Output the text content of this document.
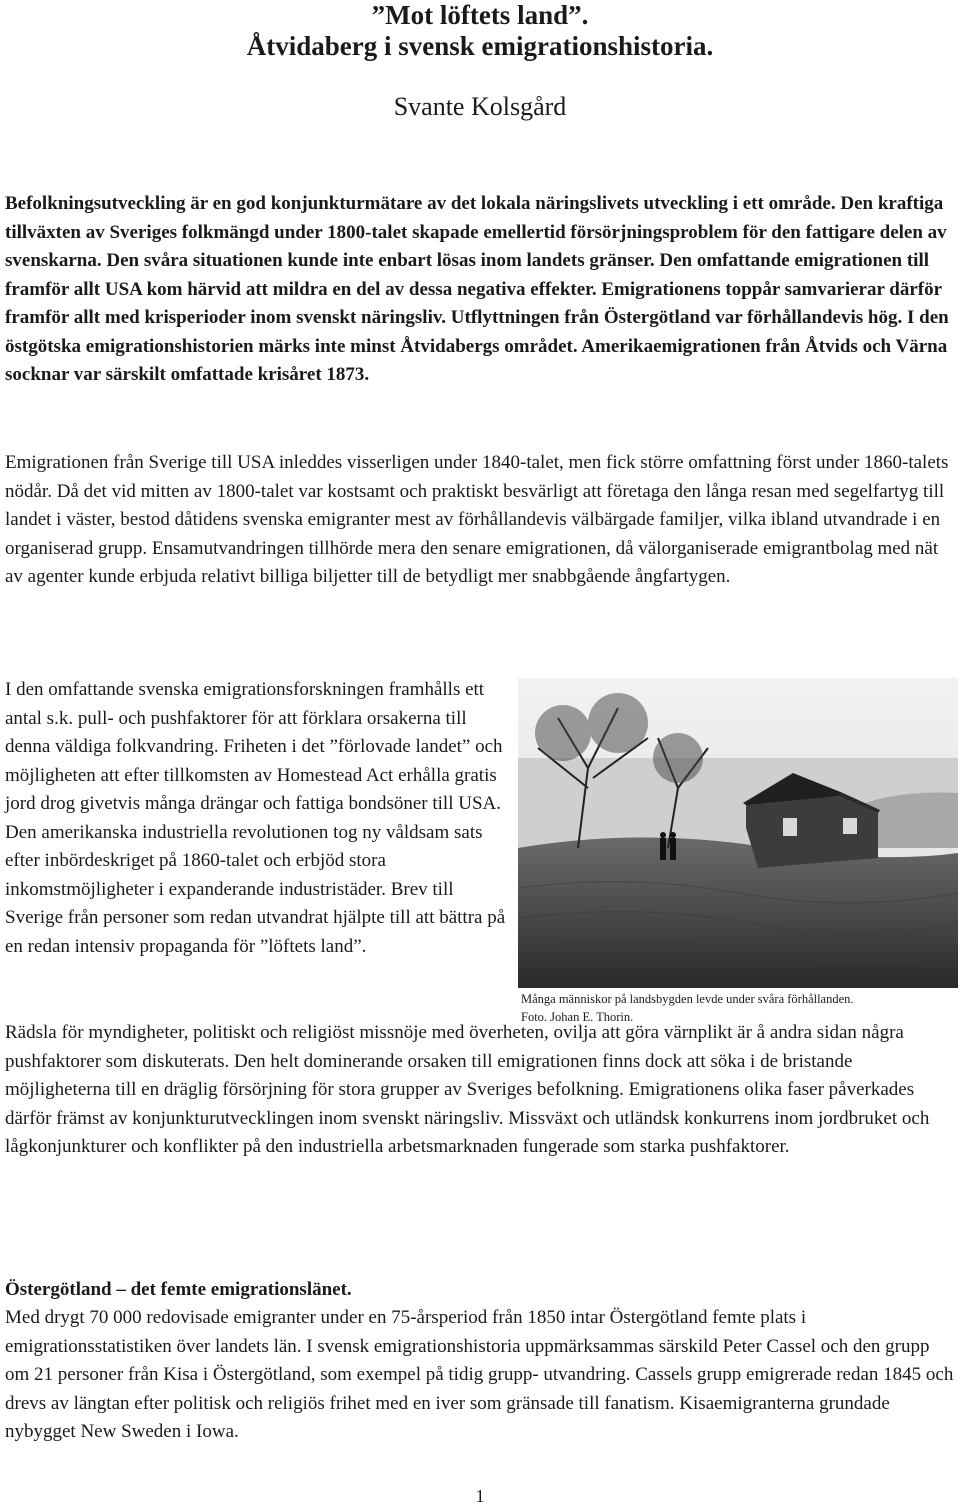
”Mot löftets land”.
Åtvidaberg i svensk emigrationshistoria.
Svante Kolsgård

Befolkningsutveckling är en god konjunkturmätare av det lokala näringslivets utveckling i ett område. Den kraftiga tillväxten av Sveriges folkmängd under 1800-talet skapade emellertid försörjningsproblem för den fattigare delen av svenskarna. Den svåra situationen kunde inte enbart lösas inom landets gränser. Den omfattande emigrationen till framför allt USA kom härvid att mildra en del av dessa negativa effekter. Emigrationens toppår samvarierar därför framför allt med krisperioder inom svenskt näringsliv. Utflyttningen från Östergötland var förhållandevis hög. I den östgötska emigrationshistorien märks inte minst Åtvidabergs området. Amerikaemigrationen från Åtvids och Värna socknar var särskilt omfattade krisåret 1873.

Emigrationen från Sverige till USA inleddes visserligen under 1840-talet, men fick större omfattning först under 1860-talets nödår. Då det vid mitten av 1800-talet var kostsamt och praktiskt besvärligt att företaga den långa resan med segelfartyg till landet i väster, bestod dåtidens svenska emigranter mest av förhållandevis välbärgade familjer, vilka ibland utvandrade i en organiserad grupp. Ensamutvandringen tillhörde mera den senare emigrationen, då välorganiserade emigrantbolag med nät av agenter kunde erbjuda relativt billiga biljetter till de betydligt mer snabbgående ångfartygen.

I den omfattande svenska emigrationsforskningen framhålls ett antal s.k. pull- och pushfaktorer för att förklara orsakerna till denna väldiga folkvandring. Friheten i det ”förlovade landet” och möjligheten att efter tillkomsten av Homestead Act erhålla gratis jord drog givetvis många drängar och fattiga bondsöner till USA. Den amerikanska industriella revolutionen tog ny våldsam sats efter inbördeskriget på 1860-talet och erbjöd stora inkomstmöjligheter i expanderande industristäder. Brev till Sverige från personer som redan utvandrat hjälpte till att bättra på en redan intensiv propaganda för ”löftets land”.

Många människor på landsbygden levde under svåra förhållanden.
Foto. Johan E. Thorin.

Rädsla för myndigheter, politiskt och religiöst missnöje med överheten, ovilja att göra värnplikt är å andra sidan några pushfaktorer som diskuterats. Den helt dominerande orsaken till emigrationen finns dock att söka i de bristande möjligheterna till en dräglig försörjning för stora grupper av Sveriges befolkning. Emigrationens olika faser påverkades därför främst av konjunkturutvecklingen inom svenskt näringsliv. Missväxt och utländsk konkurrens inom jordbruket och lågkonjunkturer och konflikter på den industriella arbetsmarknaden fungerade som starka pushfaktorer.

Östergötland – det femte emigrationslänet.

Med drygt 70 000 redovisade emigranter under en 75-årsperiod från 1850 intar Östergötland femte plats i emigrationsstatistiken över landets län. I svensk emigrationshistoria uppmärksammas särskild Peter Cassel och den grupp om 21 personer från Kisa i Östergötland, som exempel på tidig grupp- utvandring. Cassels grupp emigrerade redan 1845 och drevs av längtan efter politisk och religiös frihet med en iver som gränsade till fanatism. Kisaemigranterna grundade nybygget New Sweden i Iowa.

1
